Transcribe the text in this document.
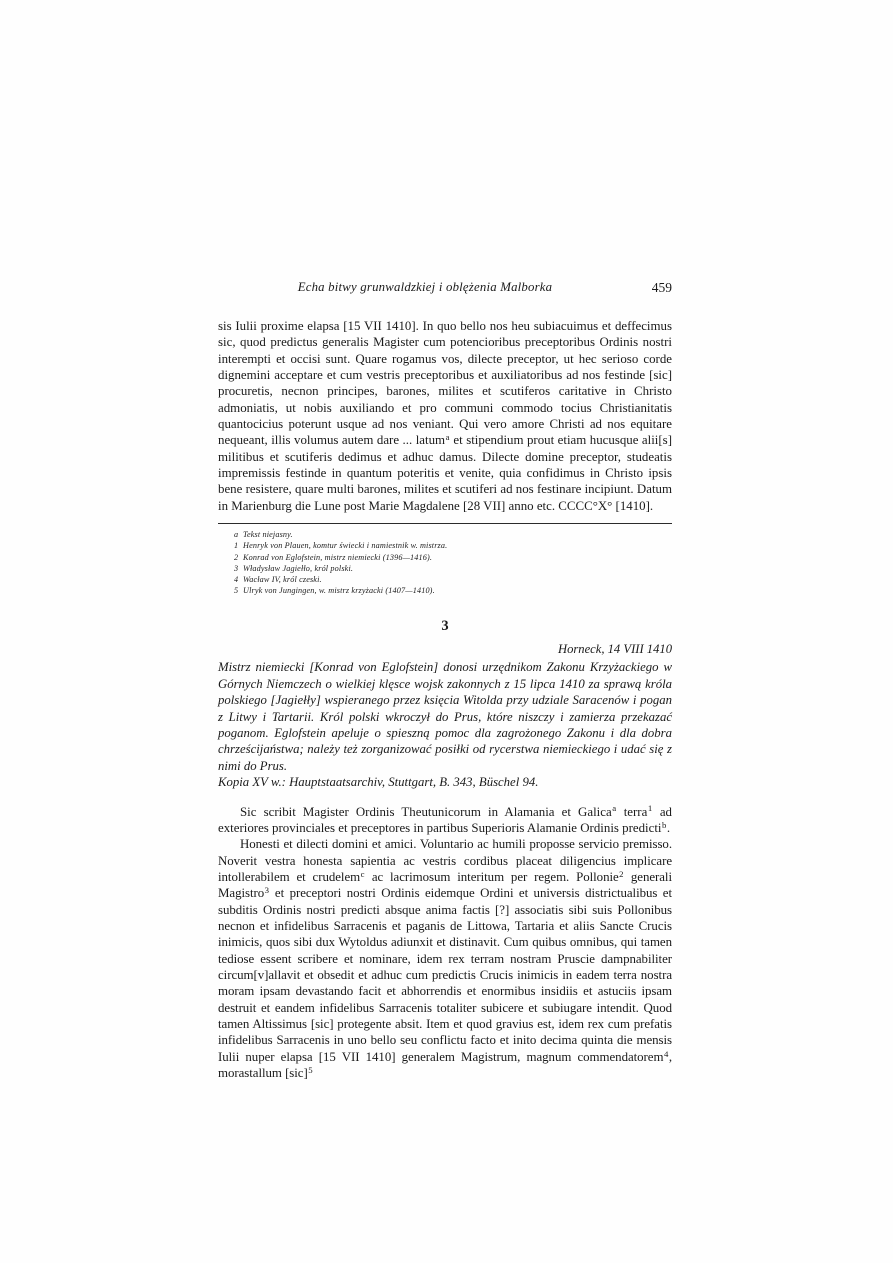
Echa bitwy grunwaldzkiej i oblężenia Malborka	459

sis Iulii proxime elapsa [15 VII 1410]. In quo bello nos heu subiacuimus et deffecimus sic, quod predictus generalis Magister cum potencioribus preceptoribus Ordinis nostri interempti et occisi sunt. Quare rogamus vos, dilecte preceptor, ut hec serioso corde dignemini acceptare et cum vestris preceptoribus et auxiliatoribus ad nos festinde [sic] procuretis, necnon principes, barones, milites et scutiferos caritative in Christo admoniatis, ut nobis auxiliando et pro communi commodo tocius Christianitatis quantocicius poterunt usque ad nos veniant. Qui vero amore Christi ad nos equitare nequeant, illis volumus autem dare ... latum$^a$ et stipendium prout etiam hucusque alii[s] militibus et scutiferis dedimus et adhuc damus. Dilecte domine preceptor, studeatis impremissis festinde in quantum poteritis et venite, quia confidimus in Christo ipsis bene resistere, quare multi barones, milites et scutiferi ad nos festinare incipiunt. Datum in Marienburg die Lune post Marie Magdalene [28 VII] anno etc. CCCC°X° [1410].

a Tekst niejasny.
1 Henryk von Plauen, komtur świecki i namiestnik w. mistrza.
2 Konrad von Eglofstein, mistrz niemiecki (1396—1416).
3 Władysław Jagiełło, król polski.
4 Wacław IV, król czeski.
5 Ulryk von Jungingen, w. mistrz krzyżacki (1407—1410).
3
Horneck, 14 VIII 1410

Mistrz niemiecki [Konrad von Eglofstein] donosi urzędnikom Zakonu Krzyżackiego w Górnych Niemczech o wielkiej klęsce wojsk zakonnych z 15 lipca 1410 za sprawą króla polskiego [Jagiełły] wspieranego przez księcia Witolda przy udziale Saracenów i pogan z Litwy i Tartarii. Król polski wkroczył do Prus, które niszczy i zamierza przekazać poganom. Eglofstein apeluje o spieszną pomoc dla zagrożonego Zakonu i dla dobra chrześcijaństwa; należy też zorganizować posiłki od rycerstwa niemieckiego i udać się z nimi do Prus.

Kopia XV w.: Hauptstaatsarchiv, Stuttgart, B. 343, Büschel 94.

Sic scribit Magister Ordinis Theutunicorum in Alamania et Galica$^a$ terra$^1$ ad exteriores provinciales et preceptores in partibus Superioris Alamanie Ordinis predicti$^b$.

Honesti et dilecti domini et amici. Voluntario ac humili proposse servicio premisso. Noverit vestra honesta sapientia ac vestris cordibus placeat diligencius implicare intollerabilem et crudelem$^c$ ac lacrimosum interitum per regem. Pollonie$^2$ generali Magistro$^3$ et preceptori nostri Ordinis eidemque Ordini et universis districtualibus et subditis Ordinis nostri predicti absque anima factis [?] associatis sibi suis Pollonibus necnon et infidelibus Sarracenis et paganis de Littowa, Tartaria et aliis Sancte Crucis inimicis, quos sibi dux Wytoldus adiunxit et distinavit. Cum quibus omnibus, qui tamen tediose essent scribere et nominare, idem rex terram nostram Pruscie dampnabiliter circum[v]allavit et obsedit et adhuc cum predictis Crucis inimicis in eadem terra nostra moram ipsam devastando facit et abhorrendis et enormibus insidiis et astuciis ipsam destruit et eandem infidelibus Sarracenis totaliter subicere et subiugare intendit. Quod tamen Altissimus [sic] protegente absit. Item et quod gravius est, idem rex cum prefatis infidelibus Sarracenis in uno bello seu conflictu facto et inito decima quinta die mensis Iulii nuper elapsa [15 VII 1410] generalem Magistrum, magnum commendatorem$^4$, morastallum [sic]$^5$
